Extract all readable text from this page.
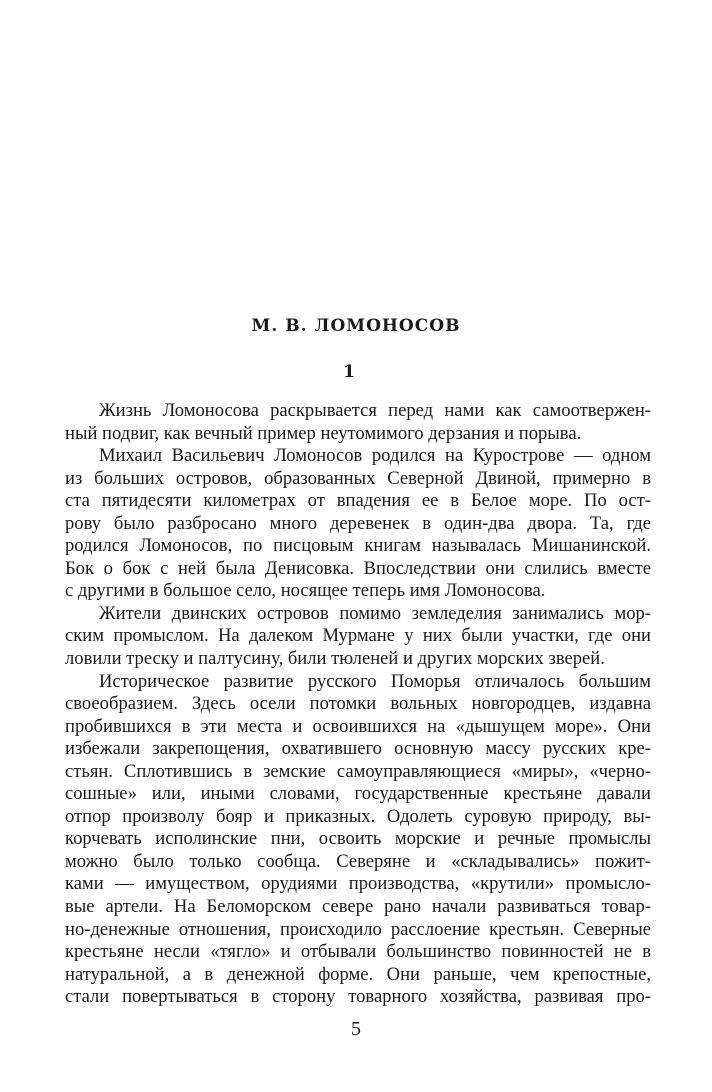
М. В. ЛОМОНОСОВ
1
Жизнь Ломоносова раскрывается перед нами как самоотвержен-
ный подвиг, как вечный пример неутомимого дерзания и порыва.
Михаил Васильевич Ломоносов родился на Куростровe — одном
из больших островов, образованных Северной Двиной, примерно в
ста пятидесяти километрах от впадения ее в Белое море. По ост-
рову было разбросано много деревенек в один-два двора. Та, где
родился Ломоносов, по писцовым книгам называлась Мишанинской.
Бок о бок с ней была Денисовка. Впоследствии они слились вместе
с другими в большое село, носящее теперь имя Ломоносова.
Жители двинских островов помимо земледелия занимались мор-
ским промыслом. На далеком Мурмане у них были участки, где они
ловили треску и палтусину, били тюленей и других морских зверей.
Историческое развитие русского Поморья отличалось большим
своеобразием. Здесь осели потомки вольных новгородцев, издавна
пробившихся в эти места и освоившихся на «дышущем море». Они
избежали закрепощения, охватившего основную массу русских кре-
стьян. Сплотившись в земские самоуправляющиеся «миры», «черно-
сошные» или, иными словами, государственные крестьяне давали
отпор произволу бояр и приказных. Одолеть суровую природу, вы-
корчевать исполинские пни, освоить морские и речные промыслы
можно было только сообща. Северяне и «складывались» пожит-
ками — имуществом, орудиями производства, «крутили» промысло-
вые артели. На Беломорском севере рано начали развиваться товар-
но-денежные отношения, происходило расслоение крестьян. Северные
крестьяне несли «тягло» и отбывали большинство повинностей не в
натуральной, а в денежной форме. Они раньше, чем крепостные,
стали повертываться в сторону товарного хозяйства, развивая про-
5
